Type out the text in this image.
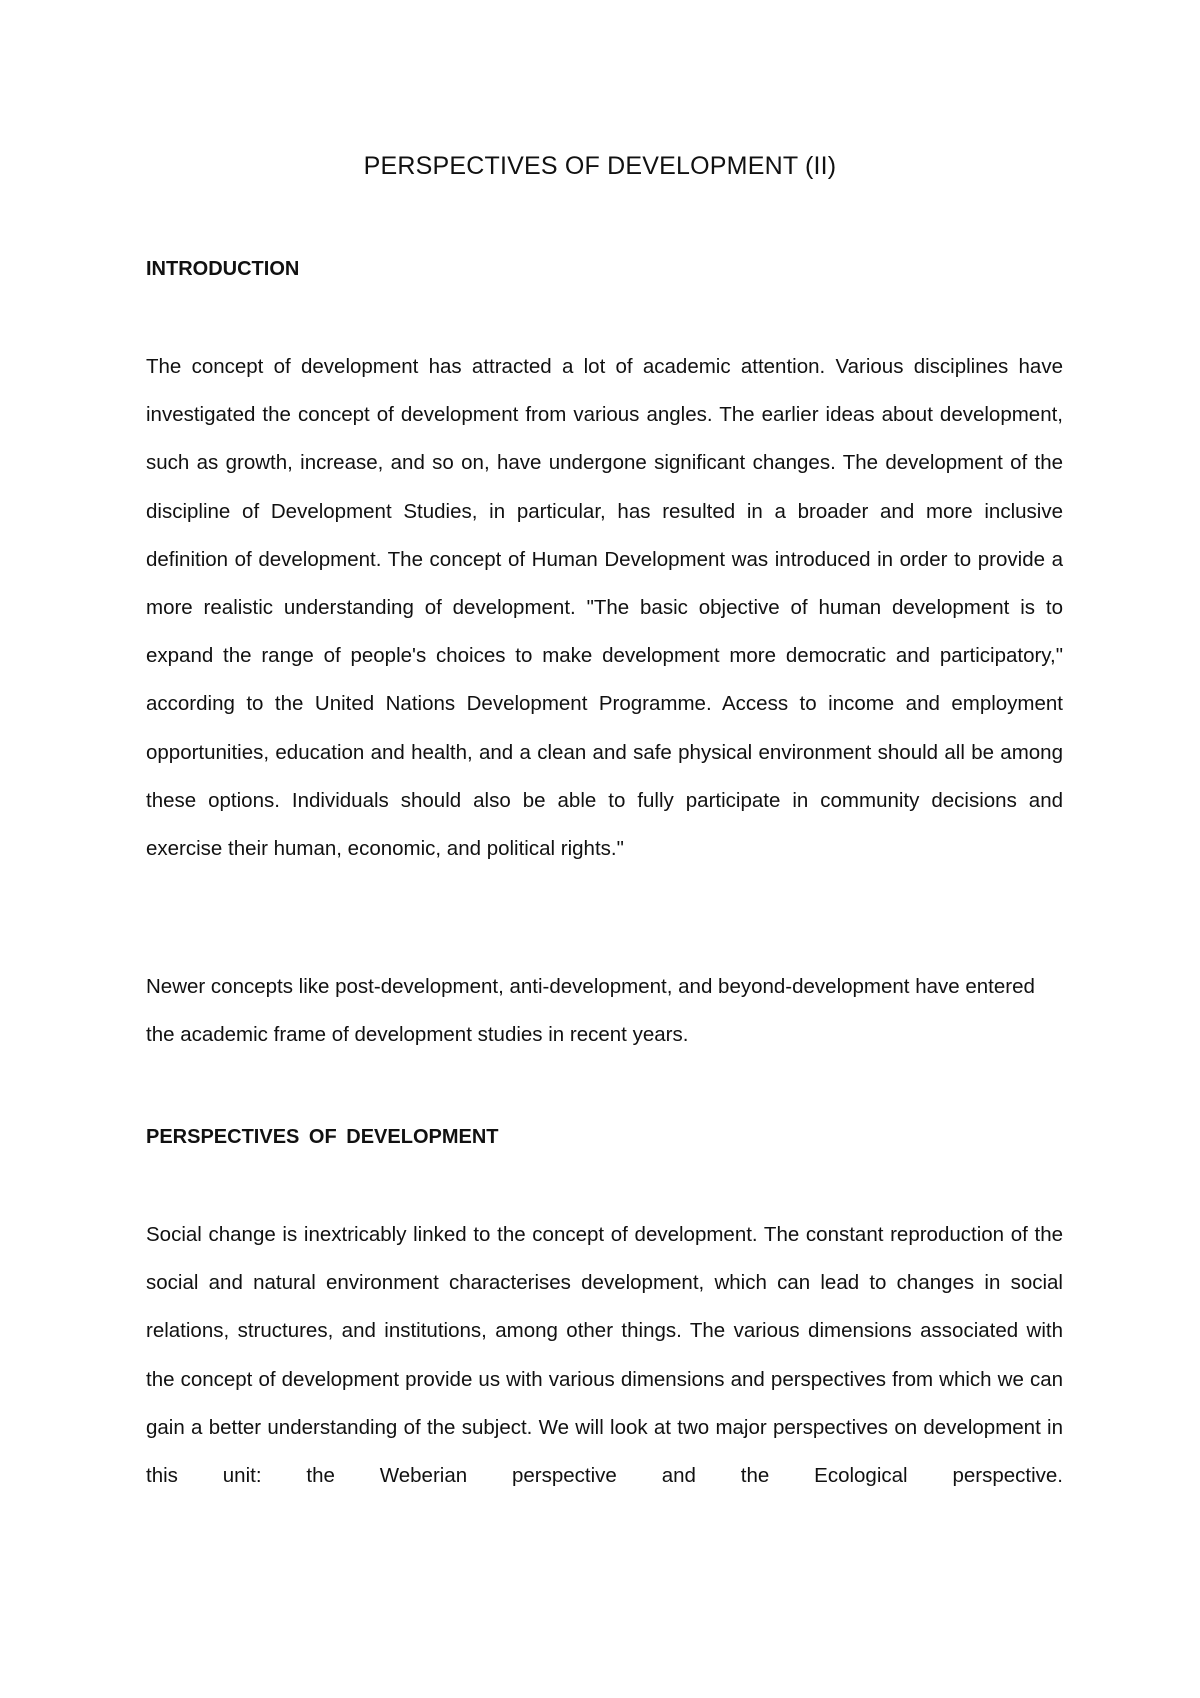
PERSPECTIVES OF DEVELOPMENT (II)
INTRODUCTION

The concept of development has attracted a lot of academic attention. Various disciplines have investigated the concept of development from various angles. The earlier ideas about development, such as growth, increase, and so on, have undergone significant changes. The development of the discipline of Development Studies, in particular, has resulted in a broader and more inclusive definition of development. The concept of Human Development was introduced in order to provide a more realistic understanding of development. "The basic objective of human development is to expand the range of people's choices to make development more democratic and participatory," according to the United Nations Development Programme. Access to income and employment opportunities, education and health, and a clean and safe physical environment should all be among these options. Individuals should also be able to fully participate in community decisions and exercise their human, economic, and political rights."

Newer concepts like post-development, anti-development, and beyond-development have entered the academic frame of development studies in recent years.

PERSPECTIVES OF DEVELOPMENT

Social change is inextricably linked to the concept of development. The constant reproduction of the social and natural environment characterises development, which can lead to changes in social relations, structures, and institutions, among other things. The various dimensions associated with the concept of development provide us with various dimensions and perspectives from which we can gain a better understanding of the subject. We will look at two major perspectives on development in this unit: the Weberian perspective and the Ecological perspective.
